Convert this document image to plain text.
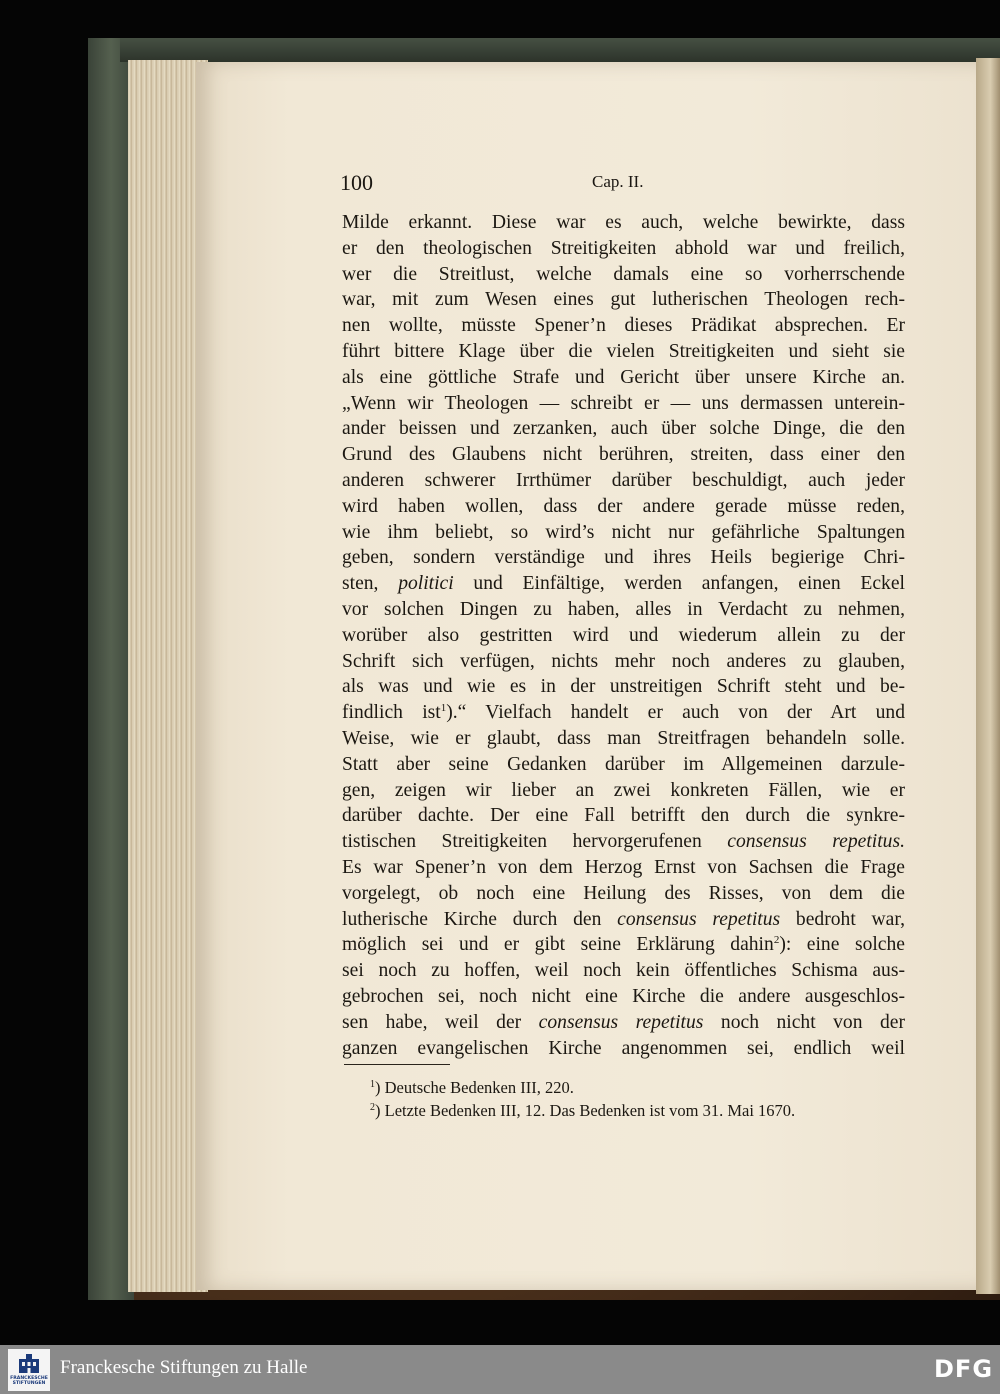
100	Cap. II.
Milde erkannt. Diese war es auch, welche bewirkte, dass
er den theologischen Streitigkeiten abhold war und freilich,
wer die Streitlust, welche damals eine so vorherrschende
war, mit zum Wesen eines gut lutherischen Theologen rech-
nen wollte, müsste Spener’n dieses Prädikat absprechen. Er
führt bittere Klage über die vielen Streitigkeiten und sieht sie
als eine göttliche Strafe und Gericht über unsere Kirche an.
„Wenn wir Theologen — schreibt er — uns dermassen unterein-
ander beissen und zerzanken, auch über solche Dinge, die den
Grund des Glaubens nicht berühren, streiten, dass einer den
anderen schwerer Irrthümer darüber beschuldigt, auch jeder
wird haben wollen, dass der andere gerade müsse reden,
wie ihm beliebt, so wird’s nicht nur gefährliche Spaltungen
geben, sondern verständige und ihres Heils begierige Chri-
sten, politici und Einfältige, werden anfangen, einen Eckel
vor solchen Dingen zu haben, alles in Verdacht zu nehmen,
worüber also gestritten wird und wiederum allein zu der
Schrift sich verfügen, nichts mehr noch anderes zu glauben,
als was und wie es in der unstreitigen Schrift steht und be-
findlich ist$^1$).“ Vielfach handelt er auch von der Art und
Weise, wie er glaubt, dass man Streitfragen behandeln solle.
Statt aber seine Gedanken darüber im Allgemeinen darzule-
gen, zeigen wir lieber an zwei konkreten Fällen, wie er
darüber dachte. Der eine Fall betrifft den durch die synkre-
tistischen Streitigkeiten hervorgerufenen consensus repetitus.
Es war Spener’n von dem Herzog Ernst von Sachsen die Frage
vorgelegt, ob noch eine Heilung des Risses, von dem die
lutherische Kirche durch den consensus repetitus bedroht war,
möglich sei und er gibt seine Erklärung dahin$^2$): eine solche
sei noch zu hoffen, weil noch kein öffentliches Schisma aus-
gebrochen sei, noch nicht eine Kirche die andere ausgeschlos-
sen habe, weil der consensus repetitus noch nicht von der
ganzen evangelischen Kirche angenommen sei, endlich weil
$^1$) Deutsche Bedenken III, 220.
$^2$) Letzte Bedenken III, 12. Das Bedenken ist vom 31. Mai 1670.
FRANCKESCHE STIFTUNGEN
Franckesche Stiftungen zu Halle	DFG
